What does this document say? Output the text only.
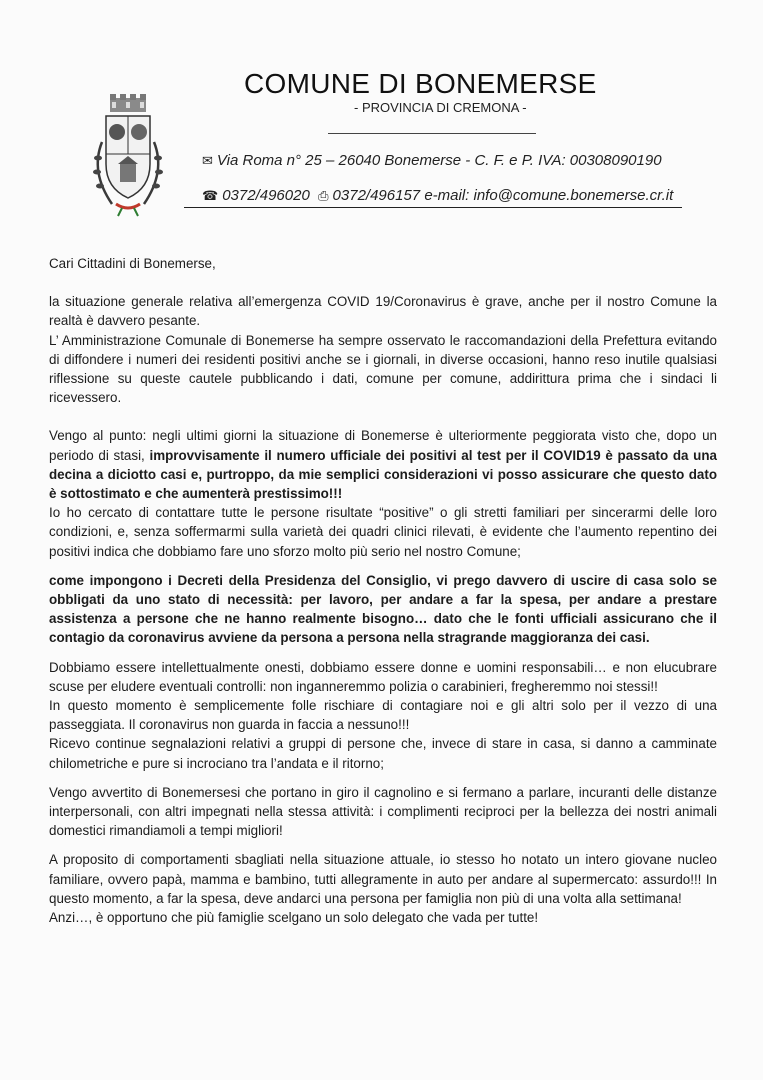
COMUNE DI BONEMERSE
- PROVINCIA DI CREMONA -
✉ Via Roma n° 25 – 26040 Bonemerse - C. F. e P. IVA: 00308090190
☎ 0372/496020 ⎙ 0372/496157 e-mail: info@comune.bonemerse.cr.it

Cari Cittadini di Bonemerse,

la situazione generale relativa all’emergenza COVID 19/Coronavirus è grave, anche per il nostro Comune la realtà è davvero pesante.

L’ Amministrazione Comunale di Bonemerse ha sempre osservato le raccomandazioni della Prefettura evitando di diffondere i numeri dei residenti positivi anche se i giornali, in diverse occasioni, hanno reso inutile qualsiasi riflessione su queste cautele pubblicando i dati, comune per comune, addirittura prima che i sindaci li ricevessero.

Vengo al punto: negli ultimi giorni la situazione di Bonemerse è ulteriormente peggiorata visto che, dopo un periodo di stasi, improvvisamente il numero ufficiale dei positivi al test per il COVID19 è passato da una decina a diciotto casi e, purtroppo, da mie semplici considerazioni vi posso assicurare che questo dato è sottostimato e che aumenterà prestissimo!!!

Io ho cercato di contattare tutte le persone risultate “positive” o gli stretti familiari per sincerarmi delle loro condizioni, e, senza soffermarmi sulla varietà dei quadri clinici rilevati, è evidente che l’aumento repentino dei positivi indica che dobbiamo fare uno sforzo molto più serio nel nostro Comune;

come impongono i Decreti della Presidenza del Consiglio, vi prego davvero di uscire di casa solo se obbligati da uno stato di necessità: per lavoro, per andare a far la spesa, per andare a prestare assistenza a persone che ne hanno realmente bisogno… dato che le fonti ufficiali assicurano che il contagio da coronavirus avviene da persona a persona nella stragrande maggioranza dei casi.

Dobbiamo essere intellettualmente onesti, dobbiamo essere donne e uomini responsabili… e non elucubrare scuse per eludere eventuali controlli: non inganneremmo polizia o carabinieri, fregheremmo noi stessi!!

In questo momento è semplicemente folle rischiare di contagiare noi e gli altri solo per il vezzo di una passeggiata. Il coronavirus non guarda in faccia a nessuno!!!

Ricevo continue segnalazioni relativi a gruppi di persone che, invece di stare in casa, si danno a camminate chilometriche e pure si incrociano tra l’andata e il ritorno;

Vengo avvertito di Bonemersesi che portano in giro il cagnolino e si fermano a parlare, incuranti delle distanze interpersonali, con altri impegnati nella stessa attività: i complimenti reciproci per la bellezza dei nostri animali domestici rimandiamoli a tempi migliori!

A proposito di comportamenti sbagliati nella situazione attuale, io stesso ho notato un intero giovane nucleo familiare, ovvero papà, mamma e bambino, tutti allegramente in auto per andare al supermercato: assurdo!!! In questo momento, a far la spesa, deve andarci una persona per famiglia non più di una volta alla settimana!

Anzi…, è opportuno che più famiglie scelgano un solo delegato che vada per tutte!
